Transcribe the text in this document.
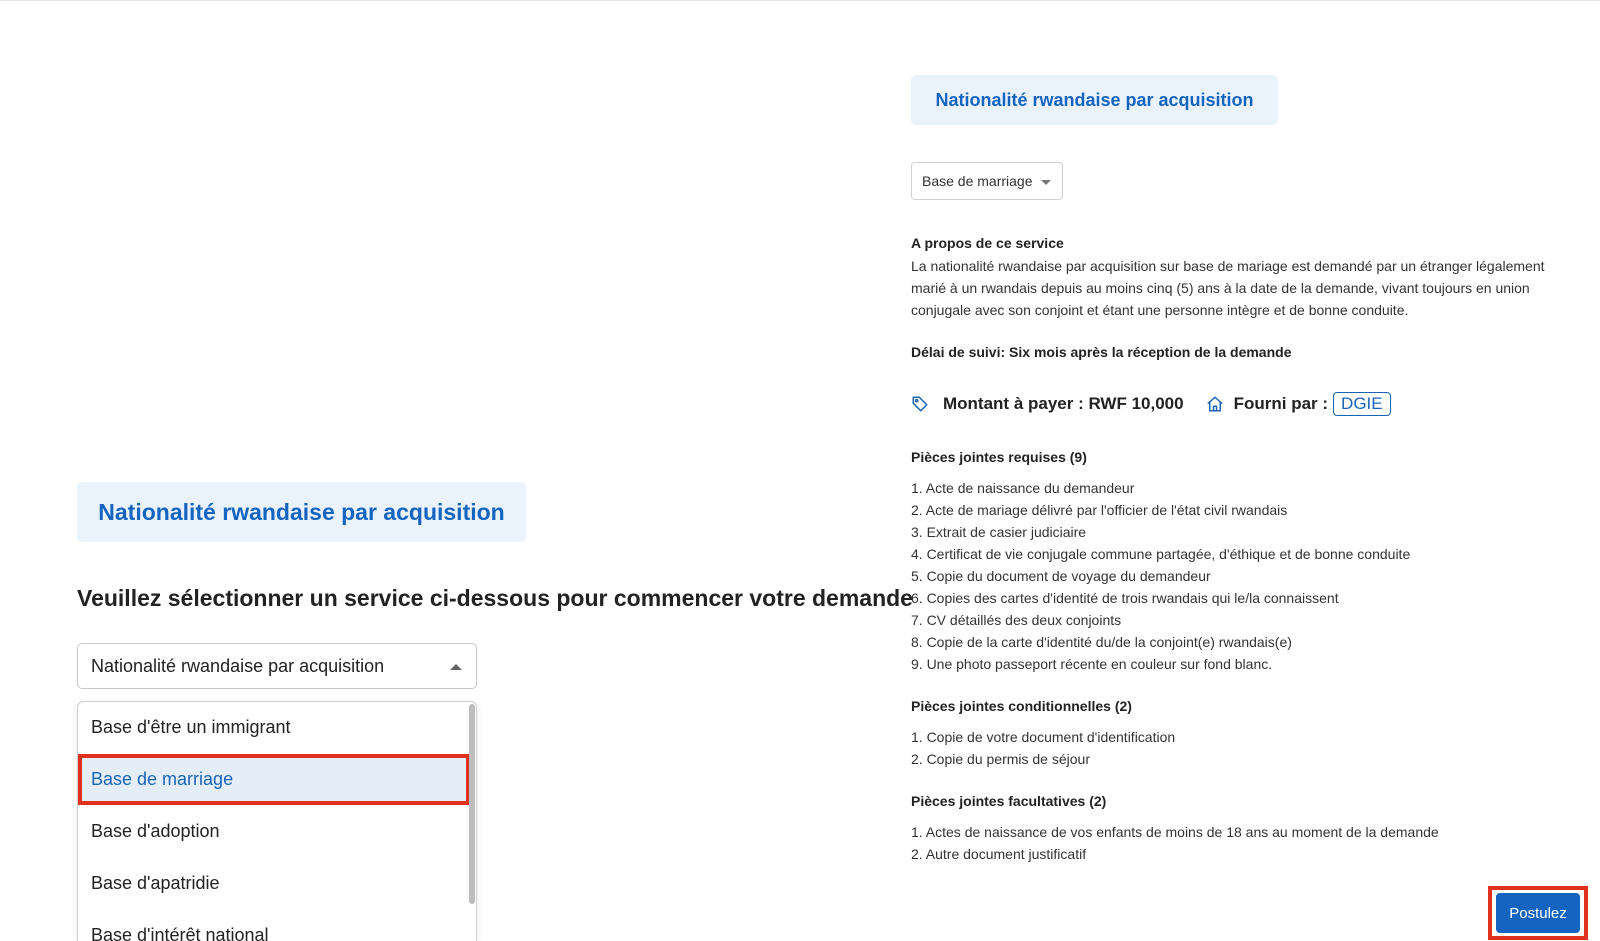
Nationalité rwandaise par acquisition
Veuillez sélectionner un service ci-dessous pour commencer votre demande
Nationalité rwandaise par acquisition
Base d'être un immigrant
Base de marriage
Base d'adoption
Base d'apatridie
Base d'intérêt national
Nationalité rwandaise par acquisition
Base de marriage
A propos de ce service
La nationalité rwandaise par acquisition sur base de mariage est demandé par un étranger légalement marié à un rwandais depuis au moins cinq (5) ans à la date de la demande, vivant toujours en union conjugale avec son conjoint et étant une personne intègre et de bonne conduite.
Délai de suivi: Six mois après la réception de la demande
Montant à payer : RWF 10,000	Fourni par : DGIE
Pièces jointes requises (9)
1. Acte de naissance du demandeur
2. Acte de mariage délivré par l'officier de l'état civil rwandais
3. Extrait de casier judiciaire
4. Certificat de vie conjugale commune partagée, d'éthique et de bonne conduite
5. Copie du document de voyage du demandeur
6. Copies des cartes d'identité de trois rwandais qui le/la connaissent
7. CV détaillés des deux conjoints
8. Copie de la carte d'identité du/de la conjoint(e) rwandais(e)
9. Une photo passeport récente en couleur sur fond blanc.
Pièces jointes conditionnelles (2)
1. Copie de votre document d'identification
2. Copie du permis de séjour
Pièces jointes facultatives (2)
1. Actes de naissance de vos enfants de moins de 18 ans au moment de la demande
2. Autre document justificatif
Postulez
